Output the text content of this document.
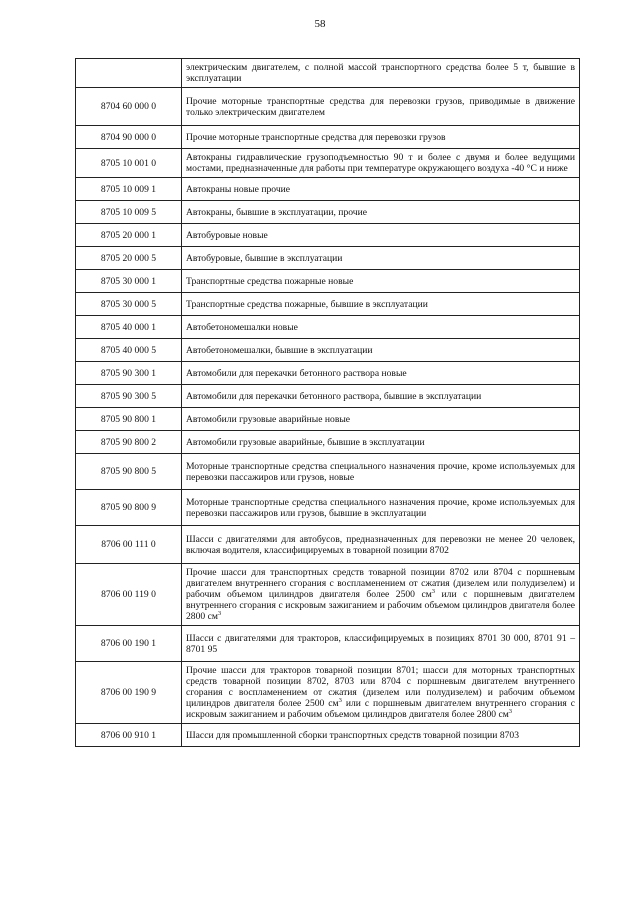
58
	электрическим двигателем, с полной массой транспортного средства более 5 т, бывшие в эксплуатации
8704 60 000 0	Прочие моторные транспортные средства для перевозки грузов, приводимые в движение только электрическим двигателем
8704 90 000 0	Прочие моторные транспортные средства для перевозки грузов
8705 10 001 0	Автокраны гидравлические грузоподъемностью 90 т и более с двумя и более ведущими мостами, предназначенные для работы при температуре окружающего воздуха -40 °С и ниже
8705 10 009 1	Автокраны новые прочие
8705 10 009 5	Автокраны, бывшие в эксплуатации, прочие
8705 20 000 1	Автобуровые новые
8705 20 000 5	Автобуровые, бывшие в эксплуатации
8705 30 000 1	Транспортные средства пожарные новые
8705 30 000 5	Транспортные средства пожарные, бывшие в эксплуатации
8705 40 000 1	Автобетономешалки новые
8705 40 000 5	Автобетономешалки, бывшие в эксплуатации
8705 90 300 1	Автомобили для перекачки бетонного раствора новые
8705 90 300 5	Автомобили для перекачки бетонного раствора, бывшие в эксплуатации
8705 90 800 1	Автомобили грузовые аварийные новые
8705 90 800 2	Автомобили грузовые аварийные, бывшие в эксплуатации
8705 90 800 5	Моторные транспортные средства специального назначения прочие, кроме используемых для перевозки пассажиров или грузов, новые
8705 90 800 9	Моторные транспортные средства специального назначения прочие, кроме используемых для перевозки пассажиров или грузов, бывшие в эксплуатации
8706 00 111 0	Шасси с двигателями для автобусов, предназначенных для перевозки не менее 20 человек, включая водителя, классифицируемых в товарной позиции 8702
8706 00 119 0	Прочие шасси для транспортных средств товарной позиции 8702 или 8704 с поршневым двигателем внутреннего сгорания с воспламенением от сжатия (дизелем или полудизелем) и рабочим объемом цилиндров двигателя более 2500 $см^3$ или с поршневым двигателем внутреннего сгорания с искровым зажиганием и рабочим объемом цилиндров двигателя более 2800 $см^3$
8706 00 190 1	Шасси с двигателями для тракторов, классифицируемых в позициях 8701 30 000, 8701 91 – 8701 95
8706 00 190 9	Прочие шасси для тракторов товарной позиции 8701; шасси для моторных транспортных средств товарной позиции 8702, 8703 или 8704 с поршневым двигателем внутреннего сгорания с воспламенением от сжатия (дизелем или полудизелем) и рабочим объемом цилиндров двигателя более 2500 $см^3$ или с поршневым двигателем внутреннего сгорания с искровым зажиганием и рабочим объемом цилиндров двигателя более 2800 $см^3$
8706 00 910 1	Шасси для промышленной сборки транспортных средств товарной позиции 8703
